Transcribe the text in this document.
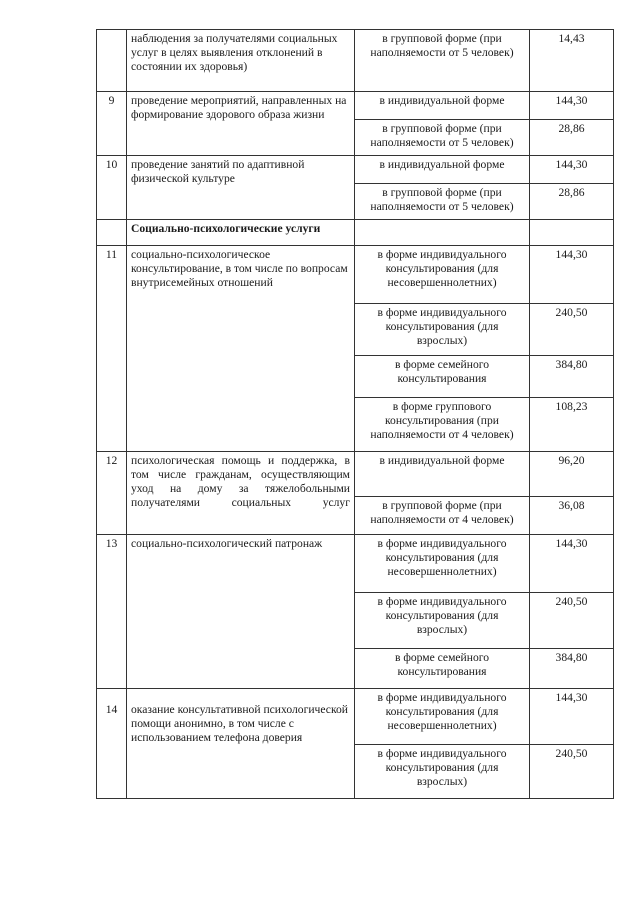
	наблюдения за получателями социальных услуг в целях выявления отклонений в состоянии их здоровья)	в групповой форме (при наполняемости от 5 человек)	14,43
9	проведение мероприятий, направленных на формирование здорового образа жизни	в индивидуальной форме	144,30
		в групповой форме (при наполняемости от 5 человек)	28,86
10	проведение занятий по адаптивной физической культуре	в индивидуальной форме	144,30
		в групповой форме (при наполняемости от 5 человек)	28,86
	Социально-психологические услуги		
11	социально-психологическое консультирование, в том числе по вопросам внутрисемейных отношений	в форме индивидуального консультирования (для несовершеннолетних)	144,30
		в форме индивидуального консультирования (для взрослых)	240,50
		в форме семейного консультирования	384,80
		в форме группового консультирования (при наполняемости от 4 человек)	108,23
12	психологическая помощь и поддержка, в том числе гражданам, осуществляющим уход на дому за тяжелобольными получателями социальных услуг	в индивидуальной форме	96,20
		в групповой форме (при наполняемости от 4 человек)	36,08
13	социально-психологический патронаж	в форме индивидуального консультирования (для несовершеннолетних)	144,30
		в форме индивидуального консультирования (для взрослых)	240,50
		в форме семейного консультирования	384,80
14	оказание консультативной психологической помощи анонимно, в том числе с использованием телефона доверия	в форме индивидуального консультирования (для несовершеннолетних)	144,30
		в форме индивидуального консультирования (для взрослых)	240,50
